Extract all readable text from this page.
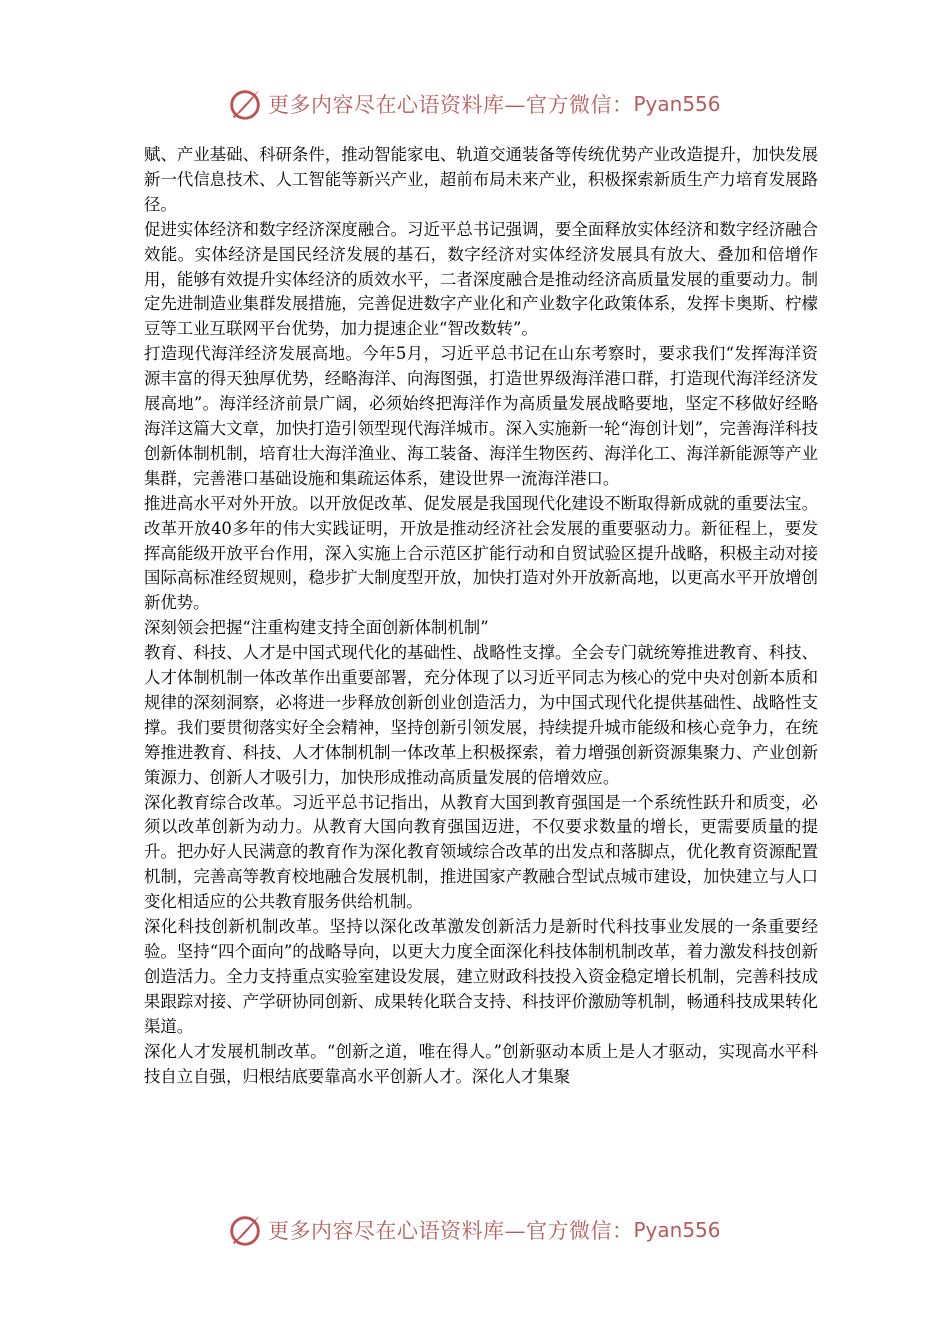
更多内容尽在心语资料库—官方微信： Pyan556

赋、产业基础、科研条件，推动智能家电、轨道交通装备等传统优势产业改造提升，加快发展新一代信息技术、人工智能等新兴产业，超前布局未来产业，积极探索新质生产力培育发展路径。

促进实体经济和数字经济深度融合。习近平总书记强调，要全面释放实体经济和数字经济融合效能。实体经济是国民经济发展的基石，数字经济对实体经济发展具有放大、叠加和倍增作用，能够有效提升实体经济的质效水平，二者深度融合是推动经济高质量发展的重要动力。制定先进制造业集群发展措施，完善促进数字产业化和产业数字化政策体系，发挥卡奥斯、柠檬豆等工业互联网平台优势，加力提速企业“智改数转”。

打造现代海洋经济发展高地。今年5月，习近平总书记在山东考察时，要求我们“发挥海洋资源丰富的得天独厚优势，经略海洋、向海图强，打造世界级海洋港口群，打造现代海洋经济发展高地”。海洋经济前景广阔，必须始终把海洋作为高质量发展战略要地，坚定不移做好经略海洋这篇大文章，加快打造引领型现代海洋城市。深入实施新一轮“海创计划”，完善海洋科技创新体制机制，培育壮大海洋渔业、海工装备、海洋生物医药、海洋化工、海洋新能源等产业集群，完善港口基础设施和集疏运体系，建设世界一流海洋港口。

推进高水平对外开放。以开放促改革、促发展是我国现代化建设不断取得新成就的重要法宝。改革开放40多年的伟大实践证明，开放是推动经济社会发展的重要驱动力。新征程上，要发挥高能级开放平台作用，深入实施上合示范区扩能行动和自贸试验区提升战略，积极主动对接国际高标准经贸规则，稳步扩大制度型开放，加快打造对外开放新高地，以更高水平开放增创新优势。

深刻领会把握“注重构建支持全面创新体制机制”

教育、科技、人才是中国式现代化的基础性、战略性支撑。全会专门就统筹推进教育、科技、人才体制机制一体改革作出重要部署，充分体现了以习近平同志为核心的党中央对创新本质和规律的深刻洞察，必将进一步释放创新创业创造活力，为中国式现代化提供基础性、战略性支撑。我们要贯彻落实好全会精神，坚持创新引领发展，持续提升城市能级和核心竞争力，在统筹推进教育、科技、人才体制机制一体改革上积极探索，着力增强创新资源集聚力、产业创新策源力、创新人才吸引力，加快形成推动高质量发展的倍增效应。

深化教育综合改革。习近平总书记指出，从教育大国到教育强国是一个系统性跃升和质变，必须以改革创新为动力。从教育大国向教育强国迈进，不仅要求数量的增长，更需要质量的提升。把办好人民满意的教育作为深化教育领域综合改革的出发点和落脚点，优化教育资源配置机制，完善高等教育校地融合发展机制，推进国家产教融合型试点城市建设，加快建立与人口变化相适应的公共教育服务供给机制。

深化科技创新机制改革。坚持以深化改革激发创新活力是新时代科技事业发展的一条重要经验。坚持“四个面向”的战略导向，以更大力度全面深化科技体制机制改革，着力激发科技创新创造活力。全力支持重点实验室建设发展，建立财政科技投入资金稳定增长机制，完善科技成果跟踪对接、产学研协同创新、成果转化联合支持、科技评价激励等机制，畅通科技成果转化渠道。

深化人才发展机制改革。“创新之道，唯在得人。”创新驱动本质上是人才驱动，实现高水平科技自立自强，归根结底要靠高水平创新人才。深化人才集聚

更多内容尽在心语资料库—官方微信： Pyan556
